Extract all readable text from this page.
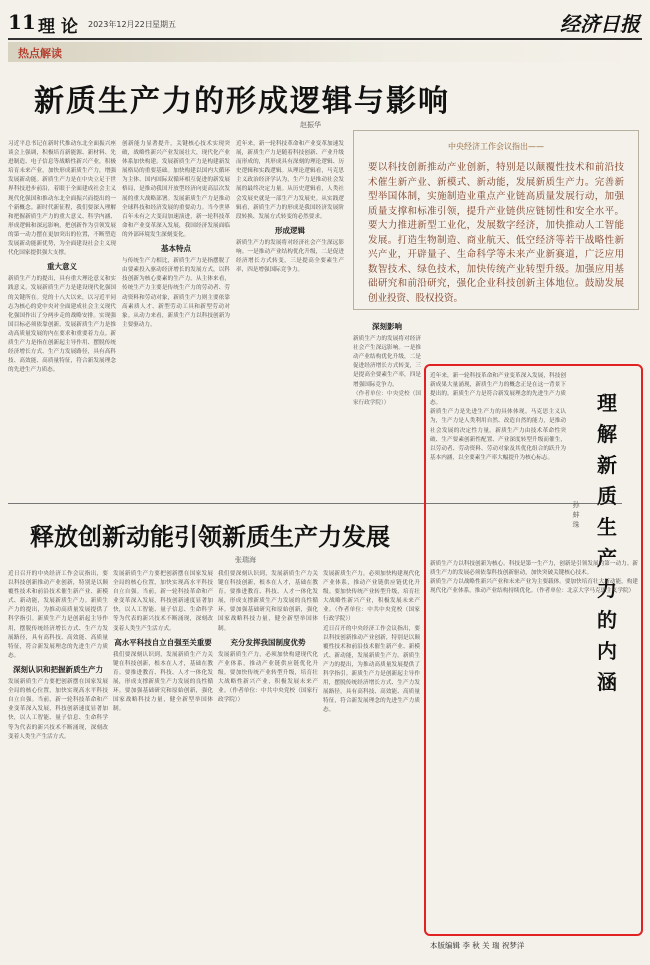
11 理 论 2023年12月22日 星期五	经济日报
热点解读
新质生产力的形成逻辑与影响
赵振华

习近平总书记在新时代推动东北全面振兴座谈会上强调，积极培育新能源、新材料、先进制造、电子信息等战略性新兴产业，积极培育未来产业，加快形成新质生产力，增强发展新动能。新质生产力是在中央立足于世界科技进步前沿，着眼于全面建成社会主义现代化强国和推动东北全面振兴而提出的一个新概念。新时代新征程，我们要深入理解和把握新质生产力的重大意义、科学内涵、形成逻辑和深远影响，把创新作为引领发展的第一动力摆在更加突出的位置，不断塑造发展新动能新优势，为全面建设社会主义现代化国家提供强大支撑。

重大意义

新质生产力的提出，具有重大理论意义和实践意义。发展新质生产力是建设现代化强国的关键所在。党的十八大以来，以习近平同志为核心的党中央对全面建成社会主义现代化强国作出了分两步走的战略安排。实现强国目标必须依靠创新。发展新质生产力是推动高质量发展的内在要求和重要着力点。新质生产力是指在创新起主导作用、摆脱传统经济增长方式、生产力发展路径，具有高科技、高效能、高质量特征，符合新发展理念的先进生产力质态。

创新能力显著提升，关键核心技术实现突破，战略性新兴产业发展壮大，现代化产业体系加快构建。发展新质生产力是构建新发展格局的重要基础。加快构建以国内大循环为主体、国内国际双循环相互促进的新发展格局，是推动我国开放型经济向更高层次发展的重大战略部署。发展新质生产力是推动全球科技和经济发展的重要动力。当今世界百年未有之大变局加速演进，新一轮科技革命和产业变革深入发展，我国经济发展面临的外部环境发生深刻变化。

基本特点

与传统生产力相比，新质生产力是指摆脱了由要素投入驱动经济增长的发展方式，以科技创新为核心要素的生产力。从主体来看，传统生产力主要是传统生产力的劳动者、劳动资料和劳动对象，新质生产力则主要依靠高素质人才、新型劳动工具和新型劳动对象。从动力来看，新质生产力以科技创新为主要驱动力。

近年来，新一轮科技革命和产业变革加速发展，新质生产力是随着科技创新、产业升级而形成的，其形成具有深刻的理论逻辑、历史逻辑和实践逻辑。从理论逻辑看，马克思主义政治经济学认为，生产力是推动社会发展的最终决定力量。从历史逻辑看，人类社会发展史就是一部生产力发展史。从实践逻辑看，新质生产力的形成是我国经济发展阶段转换、发展方式转变的必然要求。

形成逻辑

新质生产力的发展将对经济社会产生深远影响。一是推动产业结构优化升级，二是促进经济增长方式转变，三是提高全要素生产率，四是增强国际竞争力。

中央经济工作会议指出——
要以科技创新推动产业创新，特别是以颠覆性技术和前沿技术催生新产业、新模式、新动能，发展新质生产力。完善新型举国体制，实施制造业重点产业链高质量发展行动，加强质量支撑和标准引领，提升产业链供应链韧性和安全水平。要大力推进新型工业化，发展数字经济，加快推动人工智能发展。打造生物制造、商业航天、低空经济等若干战略性新兴产业，开辟量子、生命科学等未来产业新赛道，广泛应用数智技术、绿色技术，加快传统产业转型升级。加强应用基础研究和前沿研究，强化企业科技创新主体地位。鼓励发展创业投资、股权投资。

深刻影响

新质生产力的发展将对经济社会产生深远影响。一是推动产业结构优化升级，二是促进经济增长方式转变，三是提高全要素生产率，四是增强国际竞争力。

（作者单位：中央党校（国家行政学院））

释放创新动能引领新质生产力发展
张瑞海

近日召开的中央经济工作会议指出，要以科技创新推动产业创新，特别是以颠覆性技术和前沿技术催生新产业、新模式、新动能，发展新质生产力。新质生产力的提出，为推动高质量发展提供了科学指引。新质生产力是创新起主导作用，摆脱传统经济增长方式、生产力发展路径，具有高科技、高效能、高质量特征，符合新发展理念的先进生产力质态。

深刻认识和把握新质生产力

发展新质生产力要把创新摆在国家发展全局的核心位置，加快实现高水平科技自立自强。当前，新一轮科技革命和产业变革深入发展，科技创新速度显著加快，以人工智能、量子信息、生命科学等为代表的新兴技术不断涌现，深刻改变着人类生产生活方式。

发展新质生产力要把创新摆在国家发展全局的核心位置，加快实现高水平科技自立自强。当前，新一轮科技革命和产业变革深入发展，科技创新速度显著加快，以人工智能、量子信息、生命科学等为代表的新兴技术不断涌现，深刻改变着人类生产生活方式。

高水平科技自立自强至关重要

我们要深刻认识到，发展新质生产力关键在科技创新，根本在人才，基础在教育。要推进教育、科技、人才一体化发展，形成支撑新质生产力发展的良性循环。要加强基础研究和原始创新，强化国家战略科技力量，健全新型举国体制。

我们要深刻认识到，发展新质生产力关键在科技创新，根本在人才，基础在教育。要推进教育、科技、人才一体化发展，形成支撑新质生产力发展的良性循环。要加强基础研究和原始创新，强化国家战略科技力量，健全新型举国体制。

充分发挥我国制度优势

发展新质生产力，必须加快构建现代化产业体系，推动产业链供应链优化升级。要加快传统产业转型升级，培育壮大战略性新兴产业，积极发展未来产业。（作者单位：中共中央党校（国家行政学院））

发展新质生产力，必须加快构建现代化产业体系，推动产业链供应链优化升级。要加快传统产业转型升级，培育壮大战略性新兴产业，积极发展未来产业。（作者单位：中共中央党校（国家行政学院））

近日召开的中央经济工作会议指出，要以科技创新推动产业创新，特别是以颠覆性技术和前沿技术催生新产业、新模式、新动能，发展新质生产力。新质生产力的提出，为推动高质量发展提供了科学指引。新质生产力是创新起主导作用，摆脱传统经济增长方式、生产力发展路径，具有高科技、高效能、高质量特征，符合新发展理念的先进生产力质态。

理解新质生产力的内涵
孙 蚌 珠

近年来，新一轮科技革命和产业变革深入发展，科技创新成果大量涌现，新质生产力的概念正是在这一背景下提出的。新质生产力是符合新发展理念的先进生产力质态。

新质生产力是先进生产力的具体体现。马克思主义认为，生产力是人类利用自然、改造自然的能力，是推动社会发展的决定性力量。新质生产力由技术革命性突破、生产要素创新性配置、产业深度转型升级而催生，以劳动者、劳动资料、劳动对象及其优化组合的跃升为基本内涵，以全要素生产率大幅提升为核心标志。

新质生产力以科技创新为核心。科技是第一生产力，创新是引领发展的第一动力。新质生产力的发展必须依靠科技创新驱动，加快突破关键核心技术。

新质生产力以战略性新兴产业和未来产业为主要载体。要加快培育壮大新动能，构建现代化产业体系，推动产业结构持续优化。（作者单位：北京大学马克思主义学院）

本版编辑 李 秋 关 瑞 祝梦洋
